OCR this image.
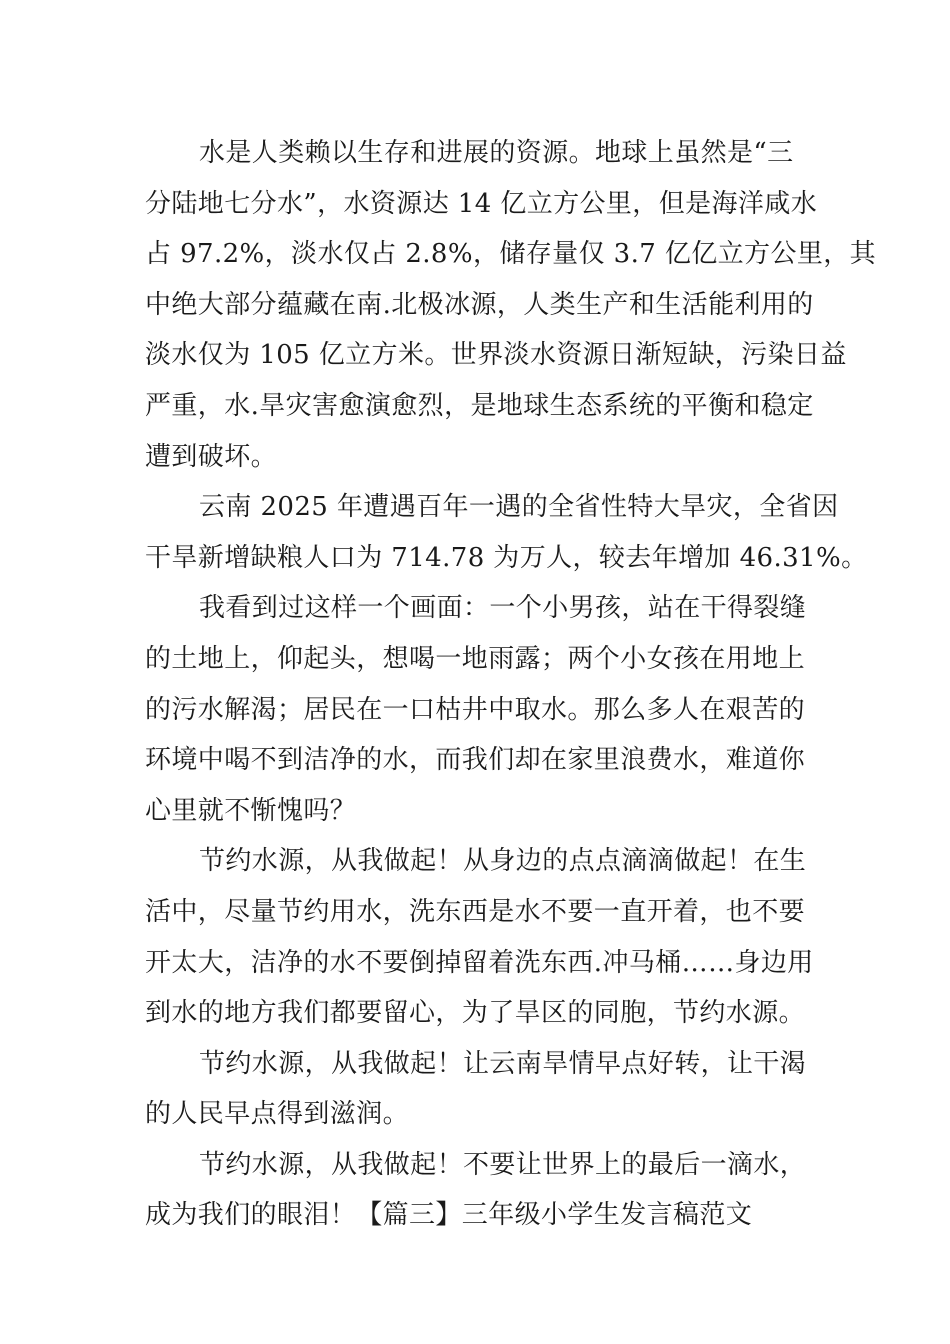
水是人类赖以生存和进展的资源。地球上虽然是“三
分陆地七分水”，水资源达 14 亿立方公里，但是海洋咸水
占 97.2%，淡水仅占 2.8%，储存量仅 3.7 亿亿立方公里，其
中绝大部分蕴藏在南.北极冰源，人类生产和生活能利用的
淡水仅为 105 亿立方米。世界淡水资源日渐短缺，污染日益
严重，水.旱灾害愈演愈烈，是地球生态系统的平衡和稳定
遭到破坏。
云南 2025 年遭遇百年一遇的全省性特大旱灾，全省因
干旱新增缺粮人口为 714.78 为万人，较去年增加 46.31%。
我看到过这样一个画面：一个小男孩，站在干得裂缝
的土地上，仰起头，想喝一地雨露；两个小女孩在用地上
的污水解渴；居民在一口枯井中取水。那么多人在艰苦的
环境中喝不到洁净的水，而我们却在家里浪费水，难道你
心里就不惭愧吗？
节约水源，从我做起！从身边的点点滴滴做起！在生
活中，尽量节约用水，洗东西是水不要一直开着，也不要
开太大，洁净的水不要倒掉留着洗东西.冲马桶……身边用
到水的地方我们都要留心，为了旱区的同胞，节约水源。
节约水源，从我做起！让云南旱情早点好转，让干渴
的人民早点得到滋润。
节约水源，从我做起！不要让世界上的最后一滴水，
成为我们的眼泪！【篇三】三年级小学生发言稿范文
